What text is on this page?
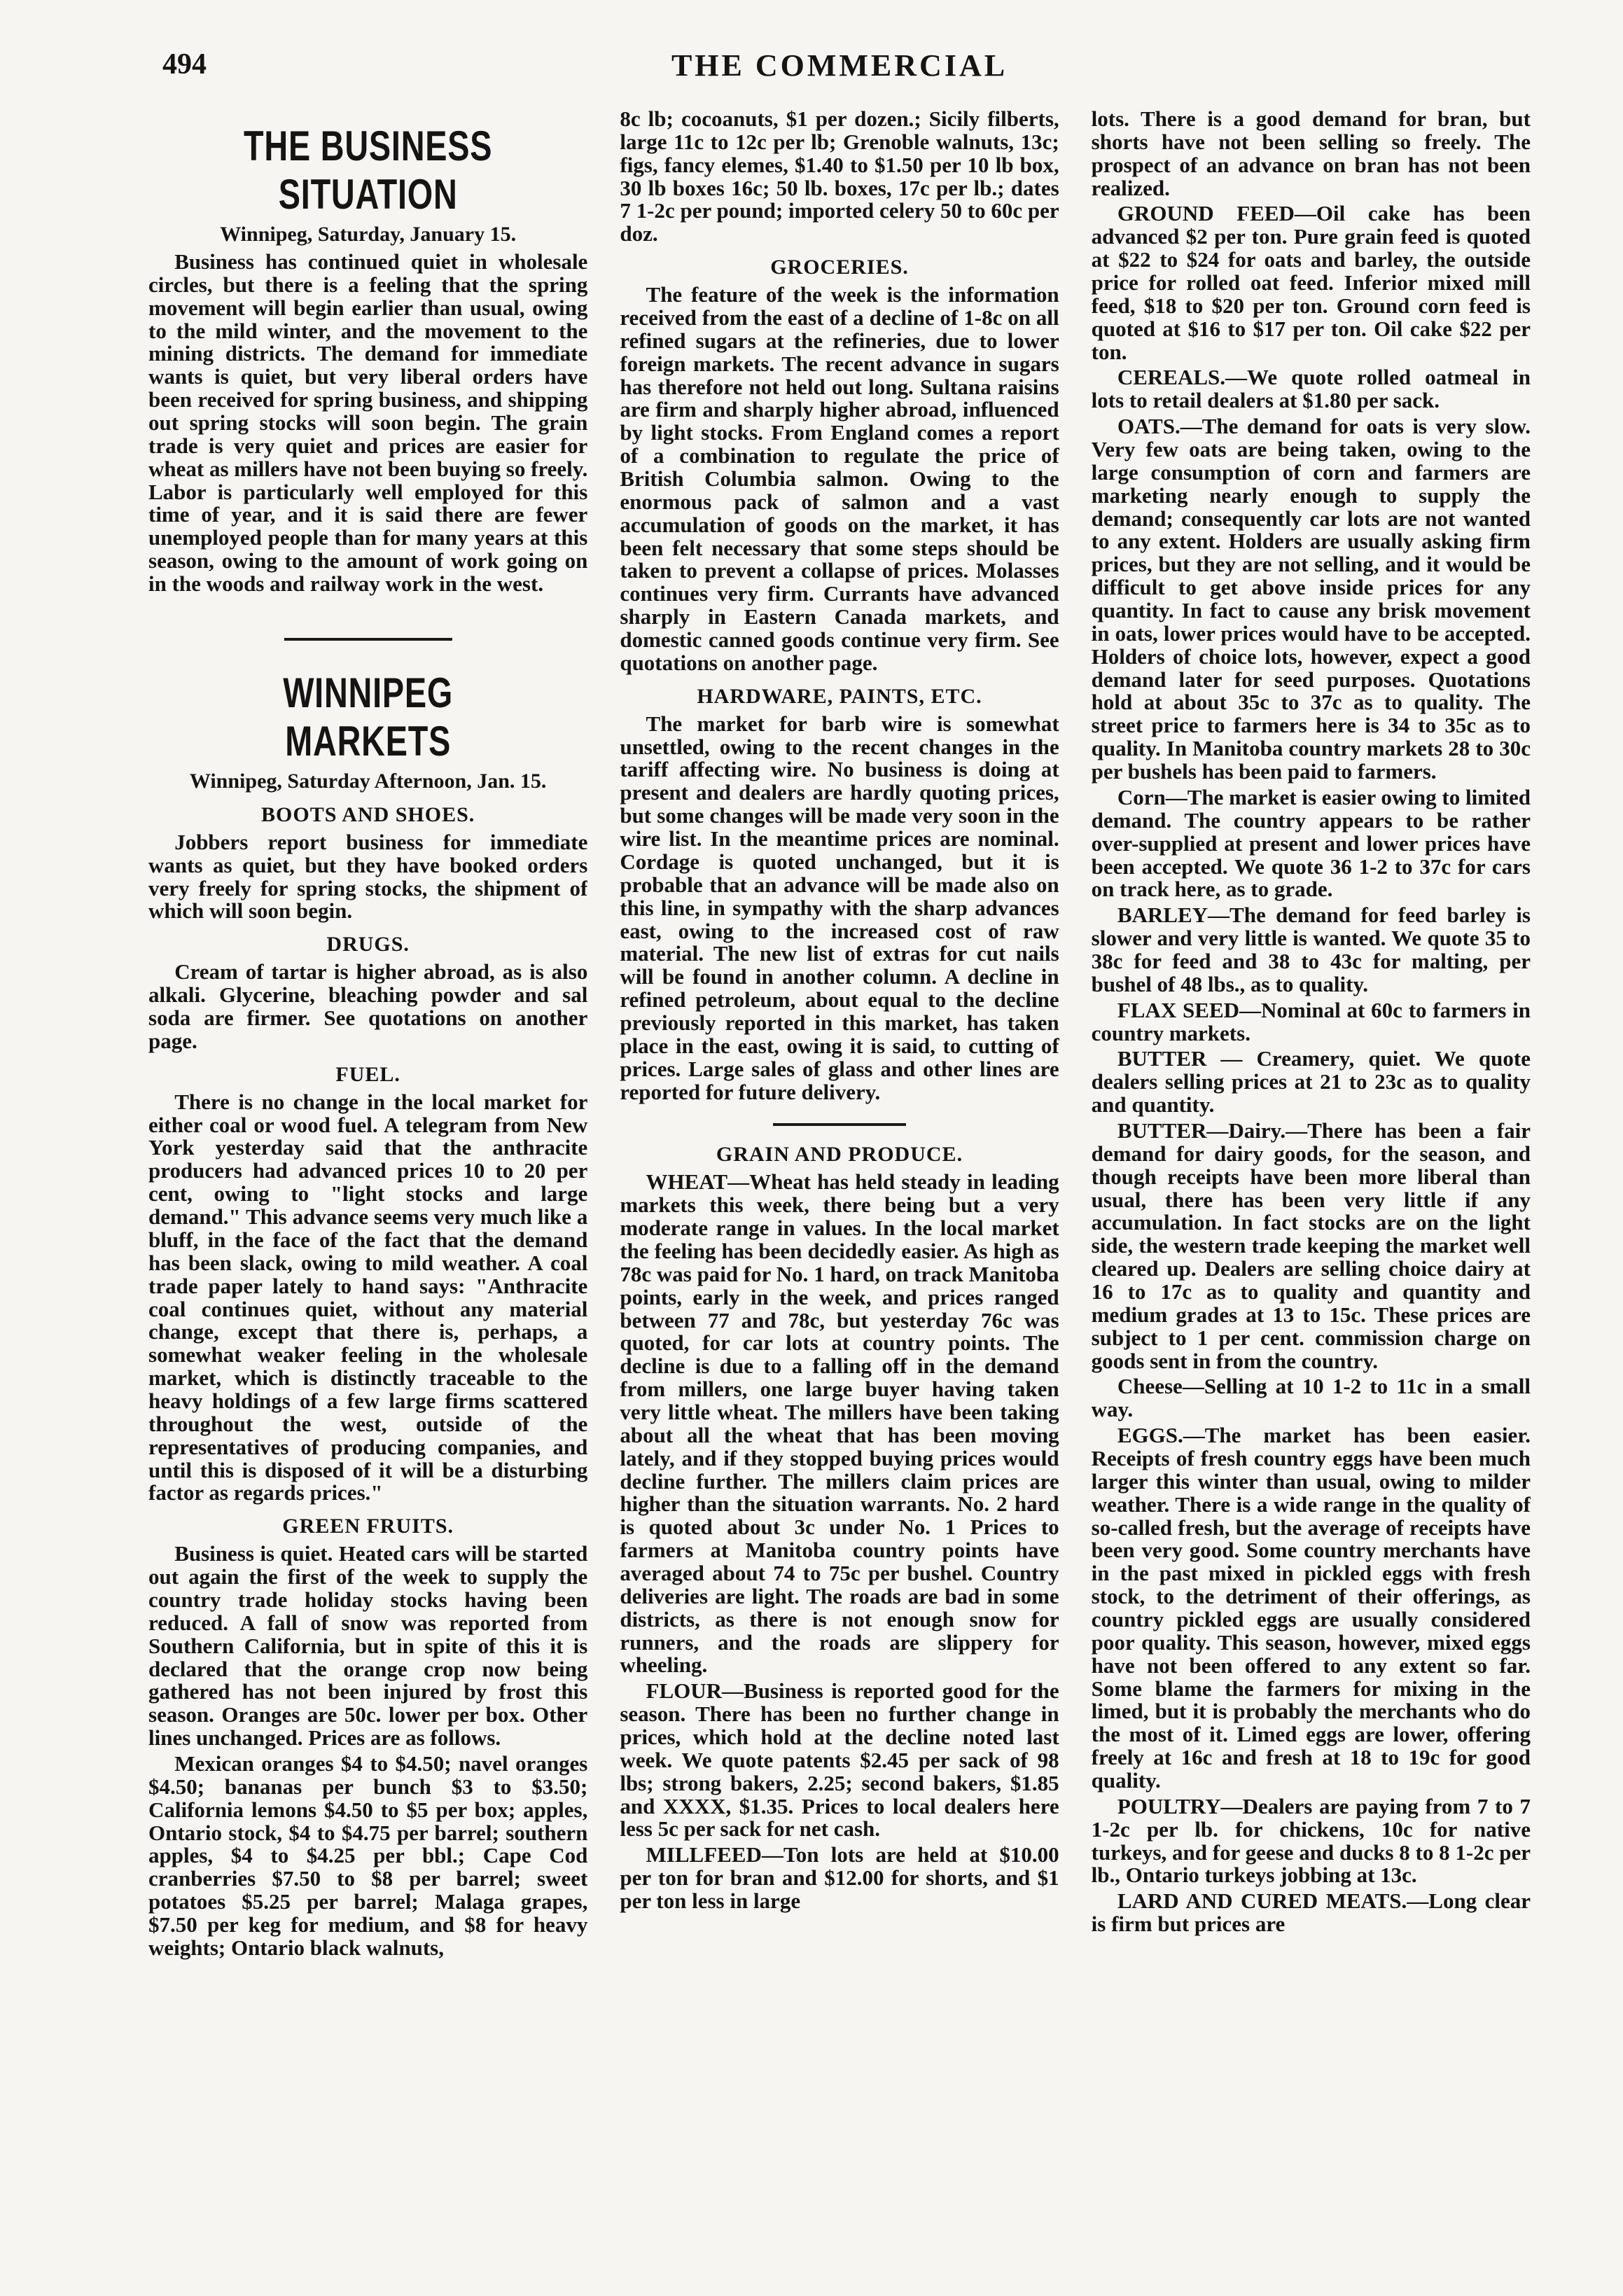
494	THE COMMERCIAL
THE BUSINESS SITUATION
Winnipeg, Saturday, January 15.

Business has continued quiet in wholesale circles, but there is a feeling that the spring movement will begin earlier than usual, owing to the mild winter, and the movement to the mining districts. The demand for immediate wants is quiet, but very liberal orders have been received for spring business, and shipping out spring stocks will soon begin. The grain trade is very quiet and prices are easier for wheat as millers have not been buying so freely. Labor is particularly well employed for this time of year, and it is said there are fewer unemployed people than for many years at this season, owing to the amount of work going on in the woods and railway work in the west.

WINNIPEG MARKETS
Winnipeg, Saturday Afternoon, Jan. 15.
BOOTS AND SHOES.

Jobbers report business for immediate wants as quiet, but they have booked orders very freely for spring stocks, the shipment of which will soon begin.

DRUGS.

Cream of tartar is higher abroad, as is also alkali. Glycerine, bleaching powder and sal soda are firmer. See quotations on another page.

FUEL.

There is no change in the local market for either coal or wood fuel. A telegram from New York yesterday said that the anthracite producers had advanced prices 10 to 20 per cent, owing to "light stocks and large demand." This advance seems very much like a bluff, in the face of the fact that the demand has been slack, owing to mild weather. A coal trade paper lately to hand says: "Anthracite coal continues quiet, without any material change, except that there is, perhaps, a somewhat weaker feeling in the wholesale market, which is distinctly traceable to the heavy holdings of a few large firms scattered throughout the west, outside of the representatives of producing companies, and until this is disposed of it will be a disturbing factor as regards prices."

GREEN FRUITS.

Business is quiet. Heated cars will be started out again the first of the week to supply the country trade holiday stocks having been reduced. A fall of snow was reported from Southern California, but in spite of this it is declared that the orange crop now being gathered has not been injured by frost this season. Oranges are 50c. lower per box. Other lines unchanged. Prices are as follows.

Mexican oranges $4 to $4.50; navel oranges $4.50; bananas per bunch $3 to $3.50; California lemons $4.50 to $5 per box; apples, Ontario stock, $4 to $4.75 per barrel; southern apples, $4 to $4.25 per bbl.; Cape Cod cranberries $7.50 to $8 per barrel; sweet potatoes $5.25 per barrel; Malaga grapes, $7.50 per keg for medium, and $8 for heavy weights; Ontario black walnuts,

8c lb; cocoanuts, $1 per dozen.; Sicily filberts, large 11c to 12c per lb; Grenoble walnuts, 13c; figs, fancy elemes, $1.40 to $1.50 per 10 lb box, 30 lb boxes 16c; 50 lb. boxes, 17c per lb.; dates 7 1-2c per pound; imported celery 50 to 60c per doz.

GROCERIES.

The feature of the week is the information received from the east of a decline of 1-8c on all refined sugars at the refineries, due to lower foreign markets. The recent advance in sugars has therefore not held out long. Sultana raisins are firm and sharply higher abroad, influenced by light stocks. From England comes a report of a combination to regulate the price of British Columbia salmon. Owing to the enormous pack of salmon and a vast accumulation of goods on the market, it has been felt necessary that some steps should be taken to prevent a collapse of prices. Molasses continues very firm. Currants have advanced sharply in Eastern Canada markets, and domestic canned goods continue very firm. See quotations on another page.

HARDWARE, PAINTS, ETC.

The market for barb wire is somewhat unsettled, owing to the recent changes in the tariff affecting wire. No business is doing at present and dealers are hardly quoting prices, but some changes will be made very soon in the wire list. In the meantime prices are nominal. Cordage is quoted unchanged, but it is probable that an advance will be made also on this line, in sympathy with the sharp advances east, owing to the increased cost of raw material. The new list of extras for cut nails will be found in another column. A decline in refined petroleum, about equal to the decline previously reported in this market, has taken place in the east, owing it is said, to cutting of prices. Large sales of glass and other lines are reported for future delivery.

GRAIN AND PRODUCE.

WHEAT—Wheat has held steady in leading markets this week, there being but a very moderate range in values. In the local market the feeling has been decidedly easier. As high as 78c was paid for No. 1 hard, on track Manitoba points, early in the week, and prices ranged between 77 and 78c, but yesterday 76c was quoted, for car lots at country points. The decline is due to a falling off in the demand from millers, one large buyer having taken very little wheat. The millers have been taking about all the wheat that has been moving lately, and if they stopped buying prices would decline further. The millers claim prices are higher than the situation warrants. No. 2 hard is quoted about 3c under No. 1 Prices to farmers at Manitoba country points have averaged about 74 to 75c per bushel. Country deliveries are light. The roads are bad in some districts, as there is not enough snow for runners, and the roads are slippery for wheeling.

FLOUR—Business is reported good for the season. There has been no further change in prices, which hold at the decline noted last week. We quote patents $2.45 per sack of 98 lbs; strong bakers, 2.25; second bakers, $1.85 and XXXX, $1.35. Prices to local dealers here less 5c per sack for net cash.

MILLFEED—Ton lots are held at $10.00 per ton for bran and $12.00 for shorts, and $1 per ton less in large

lots. There is a good demand for bran, but shorts have not been selling so freely. The prospect of an advance on bran has not been realized.

GROUND FEED—Oil cake has been advanced $2 per ton. Pure grain feed is quoted at $22 to $24 for oats and barley, the outside price for rolled oat feed. Inferior mixed mill feed, $18 to $20 per ton. Ground corn feed is quoted at $16 to $17 per ton. Oil cake $22 per ton.

CEREALS.—We quote rolled oatmeal in lots to retail dealers at $1.80 per sack.

OATS.—The demand for oats is very slow. Very few oats are being taken, owing to the large consumption of corn and farmers are marketing nearly enough to supply the demand; consequently car lots are not wanted to any extent. Holders are usually asking firm prices, but they are not selling, and it would be difficult to get above inside prices for any quantity. In fact to cause any brisk movement in oats, lower prices would have to be accepted. Holders of choice lots, however, expect a good demand later for seed purposes. Quotations hold at about 35c to 37c as to quality. The street price to farmers here is 34 to 35c as to quality. In Manitoba country markets 28 to 30c per bushels has been paid to farmers.

Corn—The market is easier owing to limited demand. The country appears to be rather over-supplied at present and lower prices have been accepted. We quote 36 1-2 to 37c for cars on track here, as to grade.

BARLEY—The demand for feed barley is slower and very little is wanted. We quote 35 to 38c for feed and 38 to 43c for malting, per bushel of 48 lbs., as to quality.

FLAX SEED—Nominal at 60c to farmers in country markets.

BUTTER — Creamery, quiet. We quote dealers selling prices at 21 to 23c as to quality and quantity.

BUTTER—Dairy.—There has been a fair demand for dairy goods, for the season, and though receipts have been more liberal than usual, there has been very little if any accumulation. In fact stocks are on the light side, the western trade keeping the market well cleared up. Dealers are selling choice dairy at 16 to 17c as to quality and quantity and medium grades at 13 to 15c. These prices are subject to 1 per cent. commission charge on goods sent in from the country.

Cheese—Selling at 10 1-2 to 11c in a small way.

EGGS.—The market has been easier. Receipts of fresh country eggs have been much larger this winter than usual, owing to milder weather. There is a wide range in the quality of so-called fresh, but the average of receipts have been very good. Some country merchants have in the past mixed in pickled eggs with fresh stock, to the detriment of their offerings, as country pickled eggs are usually considered poor quality. This season, however, mixed eggs have not been offered to any extent so far. Some blame the farmers for mixing in the limed, but it is probably the merchants who do the most of it. Limed eggs are lower, offering freely at 16c and fresh at 18 to 19c for good quality.

POULTRY—Dealers are paying from 7 to 7 1-2c per lb. for chickens, 10c for native turkeys, and for geese and ducks 8 to 8 1-2c per lb., Ontario turkeys jobbing at 13c.

LARD AND CURED MEATS.—Long clear is firm but prices are
